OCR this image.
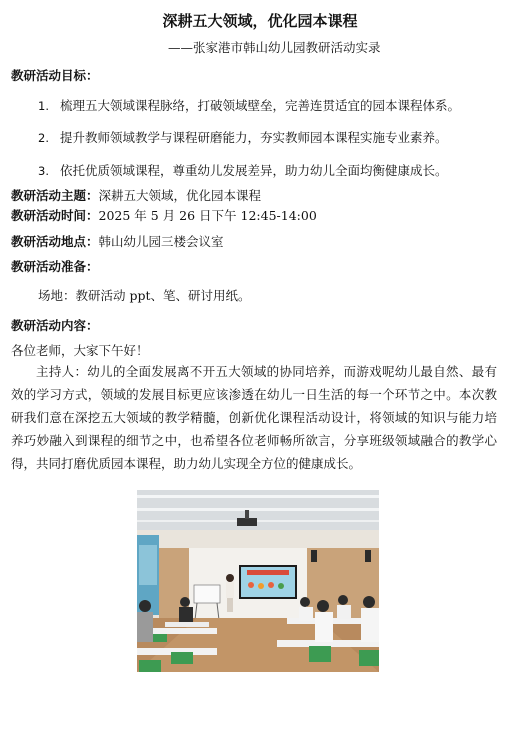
深耕五大领域，优化园本课程
——张家港市韩山幼儿园教研活动实录
教研活动目标：
1. 梳理五大领域课程脉络，打破领域壁垒，完善连贯适宜的园本课程体系。
2. 提升教师领域教学与课程研磨能力，夯实教师园本课程实施专业素养。
3. 依托优质领域课程，尊重幼儿发展差异，助力幼儿全面均衡健康成长。
教研活动主题：深耕五大领域，优化园本课程
教研活动时间：2025 年 5 月 26 日下午 12:45-14:00
教研活动地点：韩山幼儿园三楼会议室
教研活动准备：
场地：教研活动 ppt、笔、研讨用纸。
教研活动内容：
各位老师，大家下午好！
主持人：幼儿的全面发展离不开五大领域的协同培养，而游戏呢幼儿最自然、最有效的学习方式，领域的发展目标更应该渗透在幼儿一日生活的每一个环节之中。本次教研我们意在深挖五大领域的教学精髓，创新优化课程活动设计，将领域的知识与能力培养巧妙融入到课程的细节之中，也希望各位老师畅所欲言，分享班级领域融合的教学心得，共同打磨优质园本课程，助力幼儿实现全方位的健康成长。
